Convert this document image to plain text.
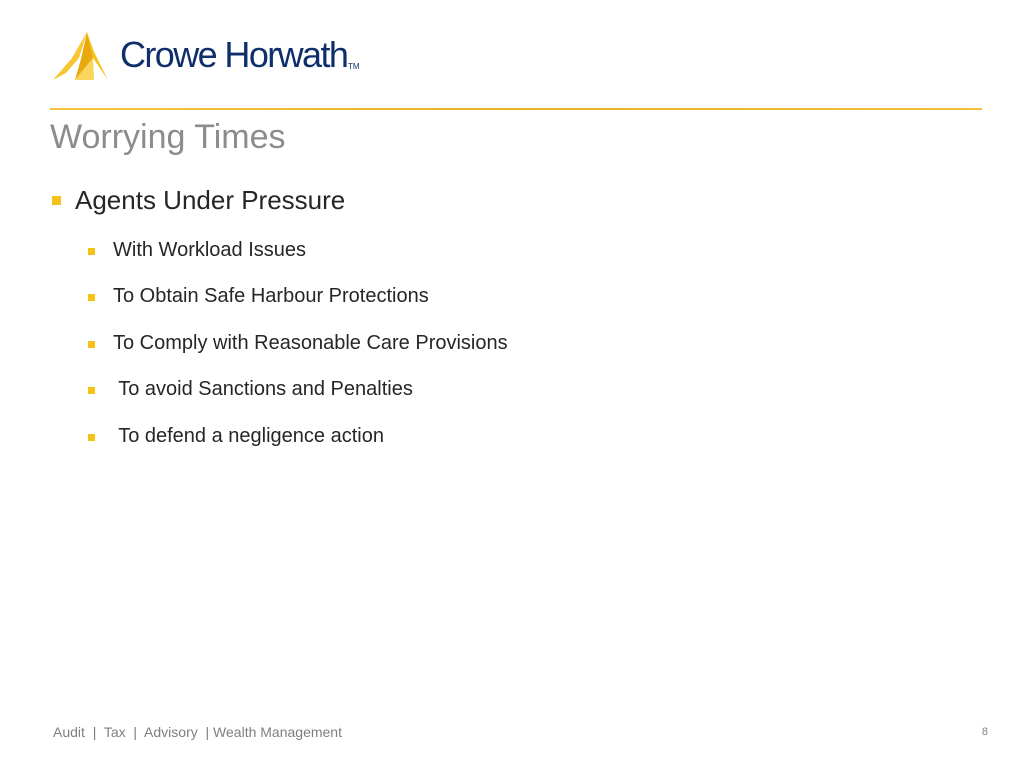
Crowe Horwath TM
Worrying Times
Agents Under Pressure
With Workload Issues
To Obtain Safe Harbour Protections
To Comply with Reasonable Care Provisions
To avoid Sanctions and Penalties
To defend a negligence action
Audit  |  Tax  |  Advisory  | Wealth Management	8
